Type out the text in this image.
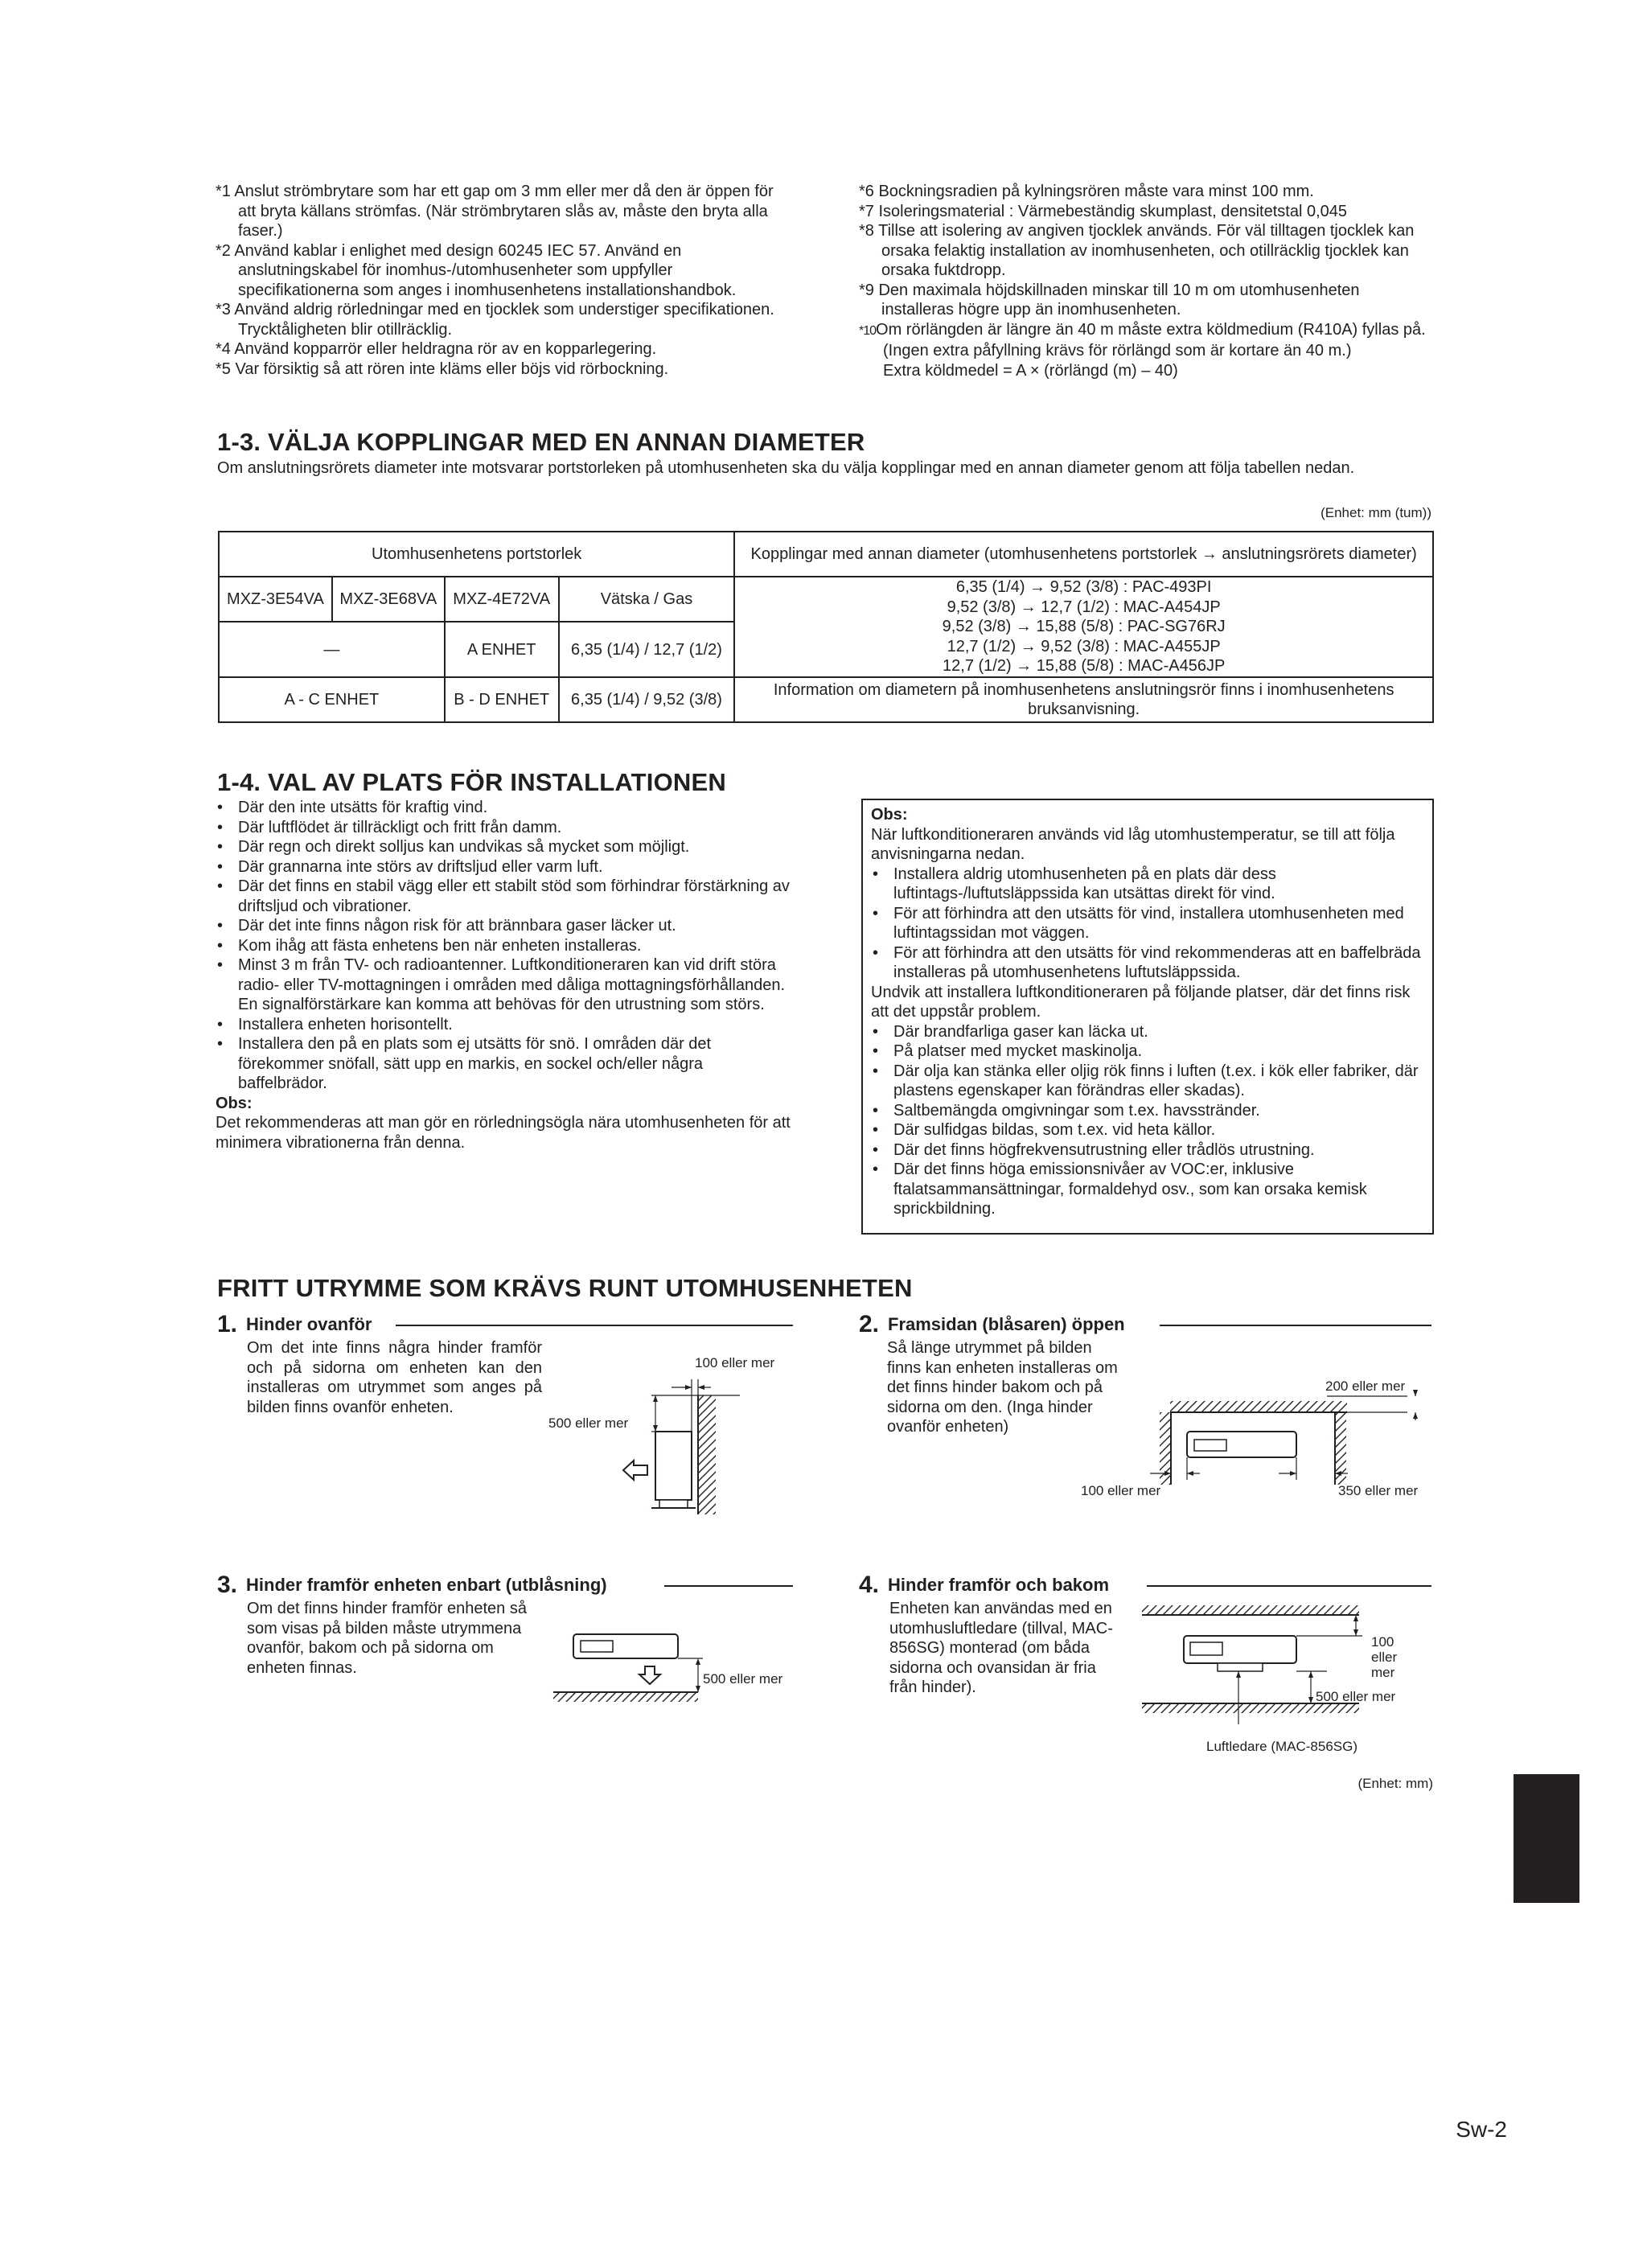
*1 Anslut strömbrytare som har ett gap om 3 mm eller mer då den är öppen för att bryta källans strömfas. (När strömbrytaren slås av, måste den bryta alla faser.)

*2 Använd kablar i enlighet med design 60245 IEC 57. Använd en anslutningskabel för inomhus-/utomhusenheter som uppfyller specifikationerna som anges i inomhusenhetens installationshandbok.

*3 Använd aldrig rörledningar med en tjocklek som understiger specifikationen. Trycktåligheten blir otillräcklig.

*4 Använd kopparrör eller heldragna rör av en kopparlegering.

*5 Var försiktig så att rören inte kläms eller böjs vid rörbockning.

*6 Bockningsradien på kylningsrören måste vara minst 100 mm.

*7 Isoleringsmaterial : Värmebeständig skumplast, densitetstal 0,045

*8 Tillse att isolering av angiven tjocklek används. För väl tilltagen tjocklek kan orsaka felaktig installation av inomhusenheten, och otillräcklig tjocklek kan orsaka fuktdropp.

*9 Den maximala höjdskillnaden minskar till 10 m om utomhusenheten installeras högre upp än inomhusenheten.

*10Om rörlängden är längre än 40 m måste extra köldmedium (R410A) fyllas på. (Ingen extra påfyllning krävs för rörlängd som är kortare än 40 m.)

Extra köldmedel = A × (rörlängd (m) – 40)

1-3. VÄLJA KOPPLINGAR MED EN ANNAN DIAMETER
Om anslutningsrörets diameter inte motsvarar portstorleken på utomhusenheten ska du välja kopplingar med en annan diameter genom att följa tabellen nedan.
(Enhet: mm (tum))
Utomhusenhetens portstorlek				Kopplingar med annan diameter (utomhusenhetens portstorlek → anslutningsrörets diameter)
MXZ-3E54VA	MXZ-3E68VA	MXZ-4E72VA	Vätska / Gas	6,35 (1/4) → 9,52 (3/8) : PAC-493PI
9,52 (3/8) → 12,7 (1/2) : MAC-A454JP
9,52 (3/8) → 15,88 (5/8) : PAC-SG76RJ
12,7 (1/2) → 9,52 (3/8) : MAC-A455JP
12,7 (1/2) → 15,88 (5/8) : MAC-A456JP

—		A ENHET	6,35 (1/4) / 12,7 (1/2)	
A - C ENHET		B - D ENHET	6,35 (1/4) / 9,52 (3/8)	Information om diametern på inomhusenhetens anslutningsrör finns i inomhusenhetens bruksanvisning.
1-4. VAL AV PLATS FÖR INSTALLATIONEN
• Där den inte utsätts för kraftig vind.
• Där luftflödet är tillräckligt och fritt från damm.
• Där regn och direkt solljus kan undvikas så mycket som möjligt.
• Där grannarna inte störs av driftsljud eller varm luft.
• Där det finns en stabil vägg eller ett stabilt stöd som förhindrar förstärkning av driftsljud och vibrationer.
• Där det inte finns någon risk för att brännbara gaser läcker ut.
• Kom ihåg att fästa enhetens ben när enheten installeras.
• Minst 3 m från TV- och radioantenner. Luftkonditioneraren kan vid drift störa radio- eller TV-mottagningen i områden med dåliga mottagningsförhållanden. En signalförstärkare kan komma att behövas för den utrustning som störs.
• Installera enheten horisontellt.
• Installera den på en plats som ej utsätts för snö. I områden där det förekommer snöfall, sätt upp en markis, en sockel och/eller några baffelbrädor.
Obs:
Det rekommenderas att man gör en rörledningsögla nära utomhusenheten för att minimera vibrationerna från denna.
Obs:
När luftkonditioneraren används vid låg utomhustemperatur, se till att följa anvisningarna nedan.
• Installera aldrig utomhusenheten på en plats där dess luftintags-/luftutsläppssida kan utsättas direkt för vind.
• För att förhindra att den utsätts för vind, installera utomhusenheten med luftintagssidan mot väggen.
• För att förhindra att den utsätts för vind rekommenderas att en baffelbräda installeras på utomhusenhetens luftutsläppssida.
Undvik att installera luftkonditioneraren på följande platser, där det finns risk att det uppstår problem.
• Där brandfarliga gaser kan läcka ut.
• På platser med mycket maskinolja.
• Där olja kan stänka eller oljig rök finns i luften (t.ex. i kök eller fabriker, där plastens egenskaper kan förändras eller skadas).
• Saltbemängda omgivningar som t.ex. havsstränder.
• Där sulfidgas bildas, som t.ex. vid heta källor.
• Där det finns högfrekvensutrustning eller trådlös utrustning.
• Där det finns höga emissionsnivåer av VOC:er, inklusive ftalatsammansättningar, formaldehyd osv., som kan orsaka kemisk sprickbildning.
FRITT UTRYMME SOM KRÄVS RUNT UTOMHUSENHETEN
1. Hinder ovanför
Om det inte finns några hinder framför och på sidorna om enheten kan den installeras om utrymmet som anges på bilden finns ovanför enheten.
100 eller mer
500 eller mer
2. Framsidan (blåsaren) öppen
Så länge utrymmet på bilden finns kan enheten installeras om det finns hinder bakom och på sidorna om den. (Inga hinder ovanför enheten)
200 eller mer
100 eller mer	350 eller mer
3. Hinder framför enheten enbart (utblåsning)
Om det finns hinder framför enheten så som visas på bilden måste utrymmena ovanför, bakom och på sidorna om enheten finnas.
500 eller mer
4. Hinder framför och bakom
Enheten kan användas med en utomhusluftledare (tillval, MAC-856SG) monterad (om båda sidorna och ovansidan är fria från hinder).
100 eller mer
500 eller mer
Luftledare (MAC-856SG)
(Enhet: mm)
Sw-2
